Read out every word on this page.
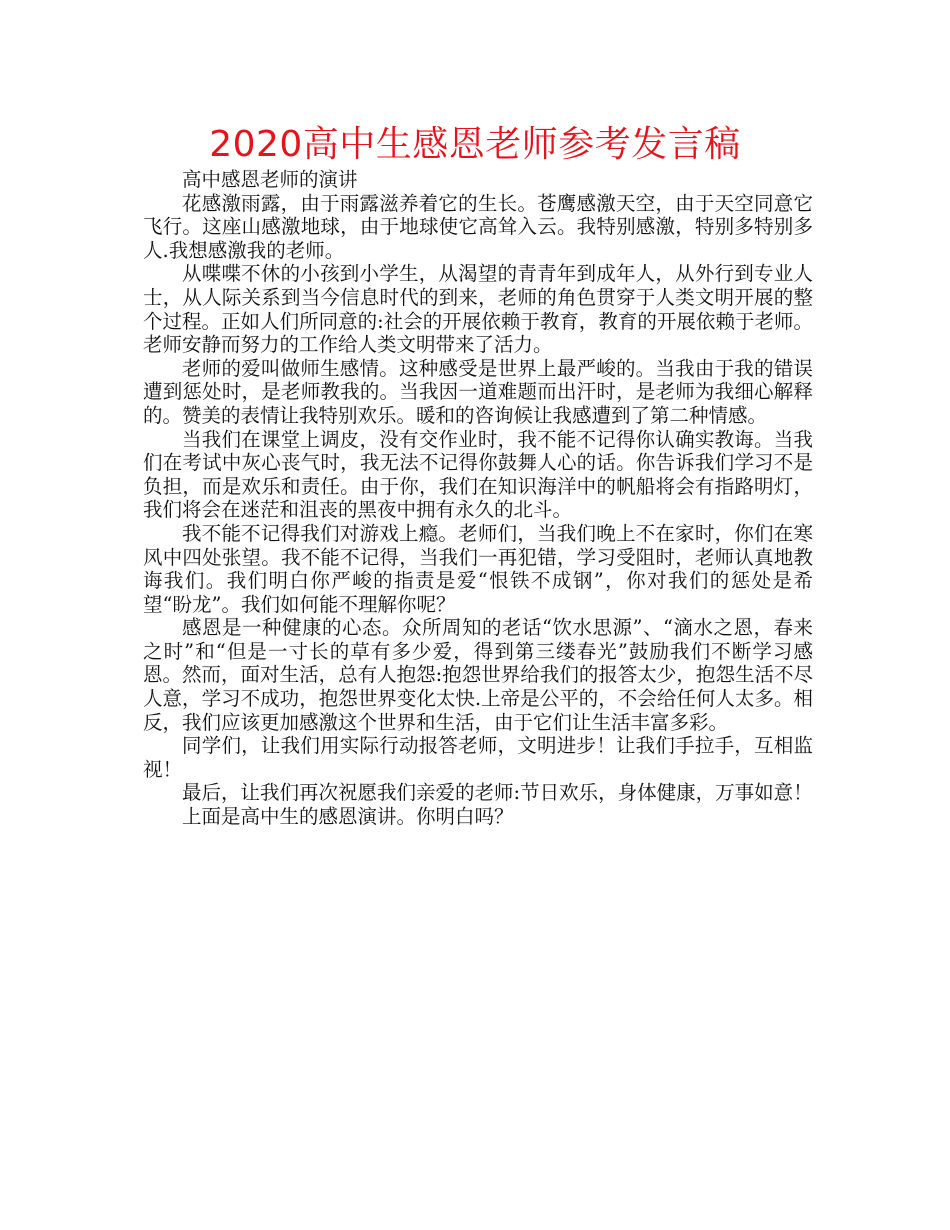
2020高中生感恩老师参考发言稿

高中感恩老师的演讲

花感激雨露，由于雨露滋养着它的生长。苍鹰感激天空，由于天空同意它飞行。这座山感激地球，由于地球使它高耸入云。我特别感激，特别多特别多人.我想感激我的老师。

从喋喋不休的小孩到小学生，从渴望的青青年到成年人，从外行到专业人士，从人际关系到当今信息时代的到来，老师的角色贯穿于人类文明开展的整个过程。正如人们所同意的:社会的开展依赖于教育，教育的开展依赖于老师。老师安静而努力的工作给人类文明带来了活力。

老师的爱叫做师生感情。这种感受是世界上最严峻的。当我由于我的错误遭到惩处时，是老师教我的。当我因一道难题而出汗时，是老师为我细心解释的。赞美的表情让我特别欢乐。暖和的咨询候让我感遭到了第二种情感。

当我们在课堂上调皮，没有交作业时，我不能不记得你认确实教诲。当我们在考试中灰心丧气时，我无法不记得你鼓舞人心的话。你告诉我们学习不是负担，而是欢乐和责任。由于你，我们在知识海洋中的帆船将会有指路明灯，我们将会在迷茫和沮丧的黑夜中拥有永久的北斗。

我不能不记得我们对游戏上瘾。老师们，当我们晚上不在家时，你们在寒风中四处张望。我不能不记得，当我们一再犯错，学习受阻时，老师认真地教诲我们。我们明白你严峻的指责是爱“恨铁不成钢”，你对我们的惩处是希望“盼龙”。我们如何能不理解你呢？

感恩是一种健康的心态。众所周知的老话“饮水思源”、“滴水之恩，春来之时”和“但是一寸长的草有多少爱，得到第三缕春光”鼓励我们不断学习感恩。然而，面对生活，总有人抱怨:抱怨世界给我们的报答太少，抱怨生活不尽人意，学习不成功，抱怨世界变化太快.上帝是公平的，不会给任何人太多。相反，我们应该更加感激这个世界和生活，由于它们让生活丰富多彩。

同学们，让我们用实际行动报答老师，文明进步！让我们手拉手，互相监视！

最后，让我们再次祝愿我们亲爱的老师:节日欢乐，身体健康，万事如意！

上面是高中生的感恩演讲。你明白吗？
